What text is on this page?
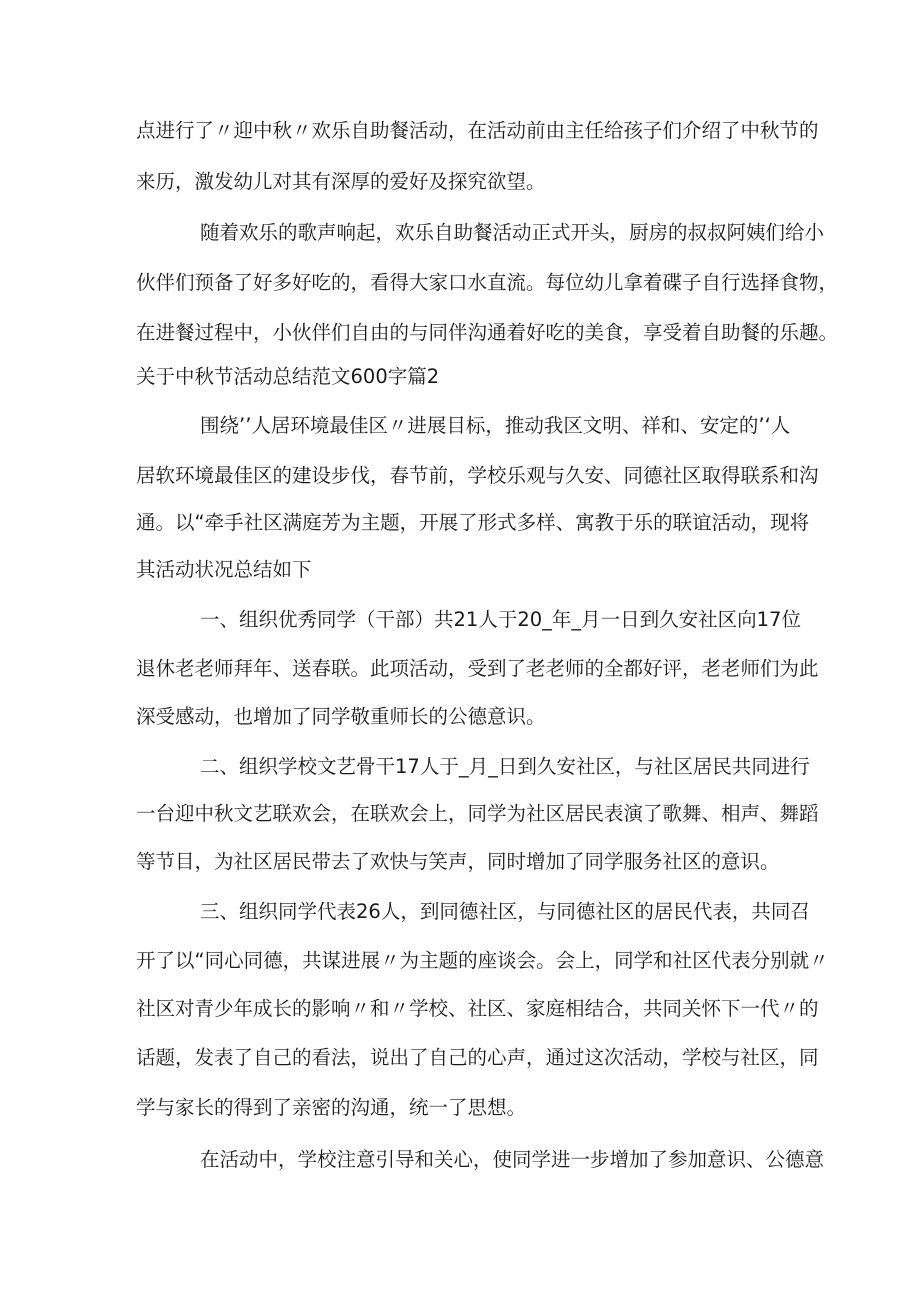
点进行了〃迎中秋〃欢乐自助餐活动，在活动前由主任给孩子们介绍了中秋节的
来历，激发幼儿对其有深厚的爱好及探究欲望。
随着欢乐的歌声响起，欢乐自助餐活动正式开头，厨房的叔叔阿姨们给小
伙伴们预备了好多好吃的，看得大家口水直流。每位幼儿拿着碟子自行选择食物，
在进餐过程中，小伙伴们自由的与同伴沟通着好吃的美食，享受着自助餐的乐趣。
关于中秋节活动总结范文600字篇2
围绕’’人居环境最佳区〃进展目标，推动我区文明、祥和、安定的’‘人
居软环境最佳区的建设步伐，春节前，学校乐观与久安、同德社区取得联系和沟
通。以“牵手社区满庭芳为主题，开展了形式多样、寓教于乐的联谊活动，现将
其活动状况总结如下
一、组织优秀同学（干部）共21人于20_年_月一日到久安社区向17位
退休老老师拜年、送春联。此项活动，受到了老老师的全都好评，老老师们为此
深受感动，也增加了同学敬重师长的公德意识。
二、组织学校文艺骨干17人于_月_日到久安社区，与社区居民共同进行
一台迎中秋文艺联欢会，在联欢会上，同学为社区居民表演了歌舞、相声、舞蹈
等节目，为社区居民带去了欢快与笑声，同时增加了同学服务社区的意识。
三、组织同学代表26人，到同德社区，与同德社区的居民代表，共同召
开了以“同心同德，共谋进展〃为主题的座谈会。会上，同学和社区代表分别就〃
社区对青少年成长的影响〃和〃学校、社区、家庭相结合，共同关怀下一代〃的
话题，发表了自己的看法，说出了自己的心声，通过这次活动，学校与社区，同
学与家长的得到了亲密的沟通，统一了思想。
在活动中，学校注意引导和关心，使同学进一步增加了参加意识、公德意
